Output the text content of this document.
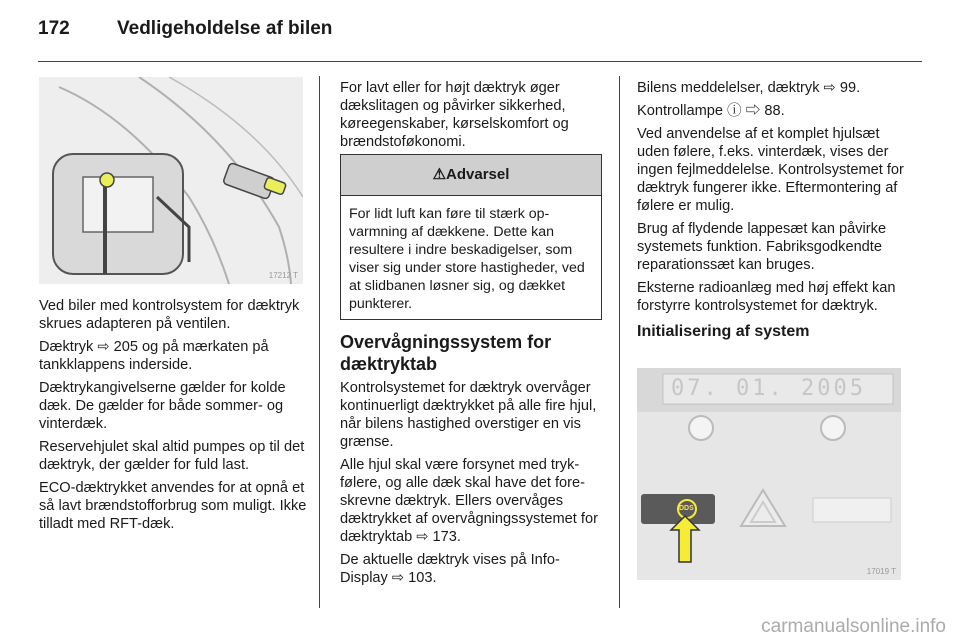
172 Vedligeholdelse af bilen
17212 T

Ved biler med kontrolsystem for dæktryk skrues adapteren på ventilen.

Dæktryk ⇨ 205 og på mærkaten på tankklappens inderside.

Dæktrykangivelserne gælder for kolde dæk. De gælder for både sommer- og vinterdæk.

Reservehjulet skal altid pumpes op til det dæktryk, der gælder for fuld last.

ECO-dæktrykket anvendes for at opnå et så lavt brændstofforbrug som muligt. Ikke tilladt med RFT-dæk.

For lavt eller for højt dæktryk øger dækslitagen og påvirker sikkerhed, køreegenskaber, kørselskomfort og brændstoføkonomi.

⚠Advarsel
For lidt luft kan føre til stærk opvarmning af dækkene. Dette kan resultere i indre beskadigelser, som viser sig under store hastigheder, ved at slidbanen løsner sig, og dækket punkterer.
Overvågningssystem for dæktryktab

Kontrolsystemet for dæktryk overvåger kontinuerligt dæktrykket på alle fire hjul, når bilens hastighed overstiger en vis grænse.

Alle hjul skal være forsynet med trykfølere, og alle dæk skal have det foreskrevne dæktryk. Ellers overvåges dæktrykket af overvågningssystemet for dæktryktab ⇨ 173.

De aktuelle dæktryk vises på Info-Display ⇨ 103.

Bilens meddelelser, dæktryk ⇨ 99.

Kontrollampe ⓘ ⇨ 88.

Ved anvendelse af et komplet hjulsæt uden følere, f.eks. vinterdæk, vises der ingen fejlmeddelelse. Kontrolsystemet for dæktryk fungerer ikke. Eftermontering af følere er mulig.

Brug af flydende lappesæt kan påvirke systemets funktion. Fabriksgodkendte reparationssæt kan bruges.

Eksterne radioanlæg med høj effekt kan forstyrre kontrolsystemet for dæktryk.

Initialisering af system
07. 01. 2005
DDS
17019 T
carmanualsonline.info
